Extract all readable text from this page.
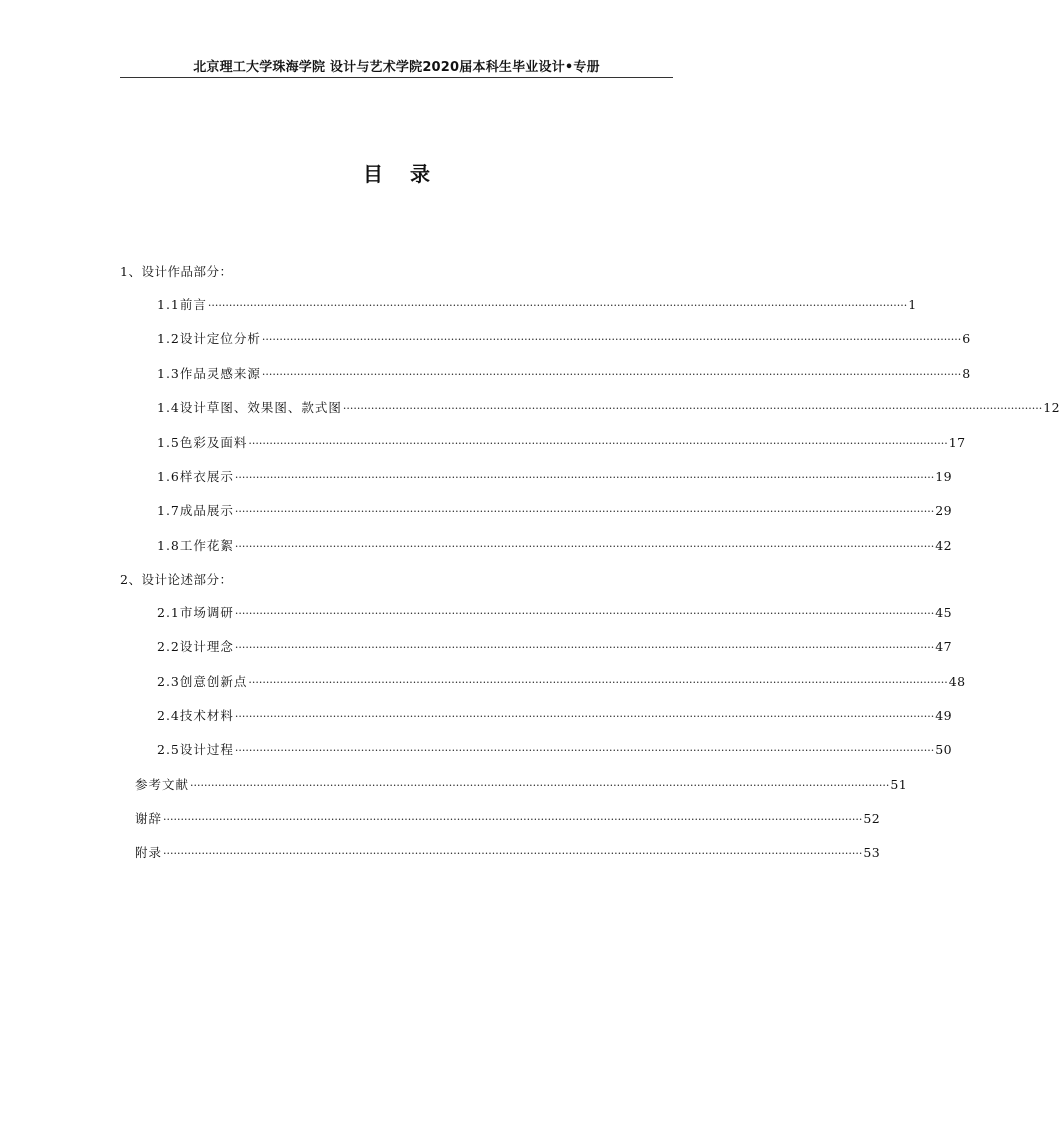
北京理工大学珠海学院 设计与艺术学院2020届本科生毕业设计•专册
目 录
1、设计作品部分：
1.1前言 ········································································································································································································ 1
1.2设计定位分析 ········································································································································································································ 6
1.3作品灵感来源 ········································································································································································································ 8
1.4设计草图、效果图、款式图 ········································································································································································································ 12
1.5色彩及面料 ········································································································································································································ 17
1.6样衣展示 ········································································································································································································ 19
1.7成品展示 ········································································································································································································ 29
1.8工作花絮 ········································································································································································································ 42
2、设计论述部分：
2.1市场调研 ········································································································································································································ 45
2.2设计理念 ········································································································································································································ 47
2.3创意创新点 ········································································································································································································ 48
2.4技术材料 ········································································································································································································ 49
2.5设计过程 ········································································································································································································ 50
参考文献 ········································································································································································································ 51
谢辞 ········································································································································································································ 52
附录 ········································································································································································································ 53
